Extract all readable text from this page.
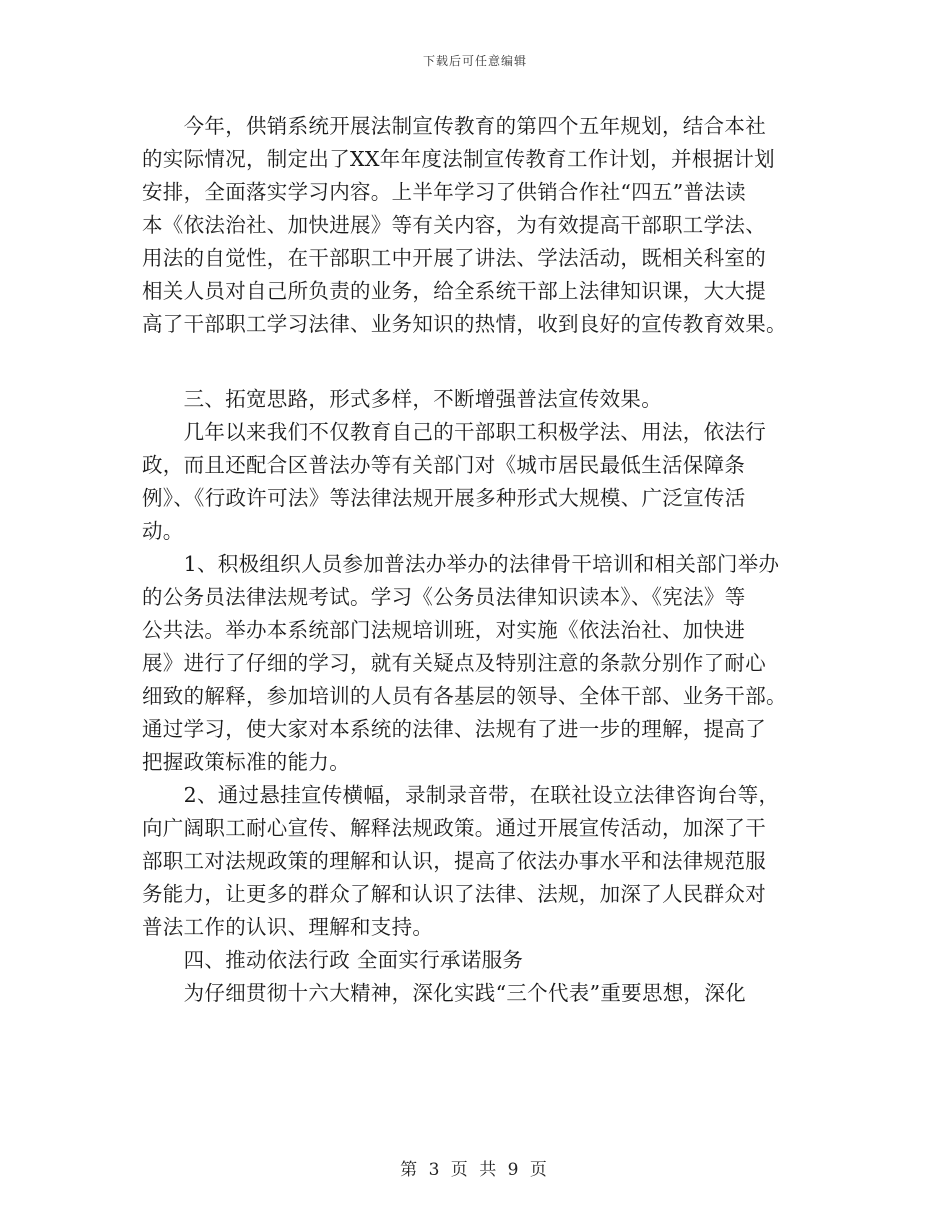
下载后可任意编辑
　　今年，供销系统开展法制宣传教育的第四个五年规划，结合本社
的实际情况，制定出了XX年年度法制宣传教育工作计划，并根据计划
安排，全面落实学习内容。上半年学习了供销合作社“四五”普法读
本《依法治社、加快进展》等有关内容，为有效提高干部职工学法、
用法的自觉性，在干部职工中开展了讲法、学法活动，既相关科室的
相关人员对自己所负责的业务，给全系统干部上法律知识课，大大提
高了干部职工学习法律、业务知识的热情，收到良好的宣传教育效果。
　　三、拓宽思路，形式多样，不断增强普法宣传效果。
　　几年以来我们不仅教育自己的干部职工积极学法、用法，依法行
政，而且还配合区普法办等有关部门对《城市居民最低生活保障条
例》、《行政许可法》等法律法规开展多种形式大规模、广泛宣传活
动。
　　1、积极组织人员参加普法办举办的法律骨干培训和相关部门举办
的公务员法律法规考试。学习《公务员法律知识读本》、《宪法》等
公共法。举办本系统部门法规培训班，对实施《依法治社、加快进
展》进行了仔细的学习，就有关疑点及特别注意的条款分别作了耐心
细致的解释，参加培训的人员有各基层的领导、全体干部、业务干部。
通过学习，使大家对本系统的法律、法规有了进一步的理解，提高了
把握政策标准的能力。
　　2、通过悬挂宣传横幅，录制录音带，在联社设立法律咨询台等，
向广阔职工耐心宣传、解释法规政策。通过开展宣传活动，加深了干
部职工对法规政策的理解和认识，提高了依法办事水平和法律规范服
务能力，让更多的群众了解和认识了法律、法规，加深了人民群众对
普法工作的认识、理解和支持。
　　四、推动依法行政 全面实行承诺服务
　　为仔细贯彻十六大精神，深化实践“三个代表”重要思想，深化
第 3 页 共 9 页
